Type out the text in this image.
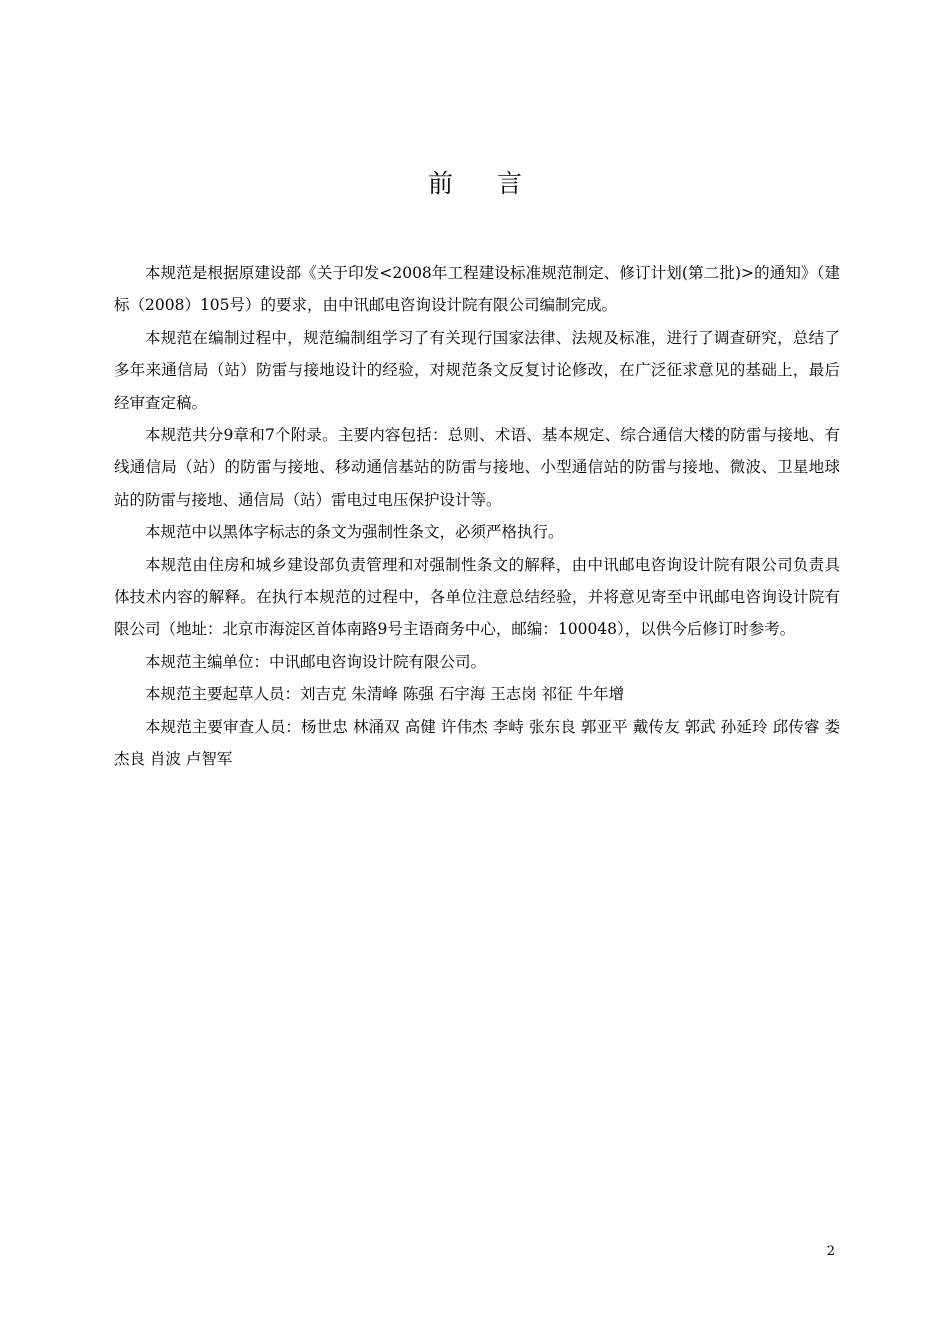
前言

本规范是根据原建设部《关于印发<2008年工程建设标准规范制定、修订计划(第二批)>的通知》（建标（2008）105号）的要求，由中讯邮电咨询设计院有限公司编制完成。

本规范在编制过程中，规范编制组学习了有关现行国家法律、法规及标准，进行了调查研究，总结了多年来通信局（站）防雷与接地设计的经验，对规范条文反复讨论修改，在广泛征求意见的基础上，最后经审查定稿。

本规范共分9章和7个附录。主要内容包括：总则、术语、基本规定、综合通信大楼的防雷与接地、有线通信局（站）的防雷与接地、移动通信基站的防雷与接地、小型通信站的防雷与接地、微波、卫星地球站的防雷与接地、通信局（站）雷电过电压保护设计等。

本规范中以黑体字标志的条文为强制性条文，必须严格执行。

本规范由住房和城乡建设部负责管理和对强制性条文的解释，由中讯邮电咨询设计院有限公司负责具体技术内容的解释。在执行本规范的过程中，各单位注意总结经验，并将意见寄至中讯邮电咨询设计院有限公司（地址：北京市海淀区首体南路9号主语商务中心，邮编：100048），以供今后修订时参考。

本规范主编单位：中讯邮电咨询设计院有限公司。

本规范主要起草人员：刘吉克 朱清峰 陈强 石宇海 王志岗 祁征 牛年增

本规范主要审查人员：杨世忠 林涌双 高健 许伟杰 李峙 张东良 郭亚平 戴传友 郭武 孙延玲 邱传睿 娄杰良 肖波 卢智军

2
